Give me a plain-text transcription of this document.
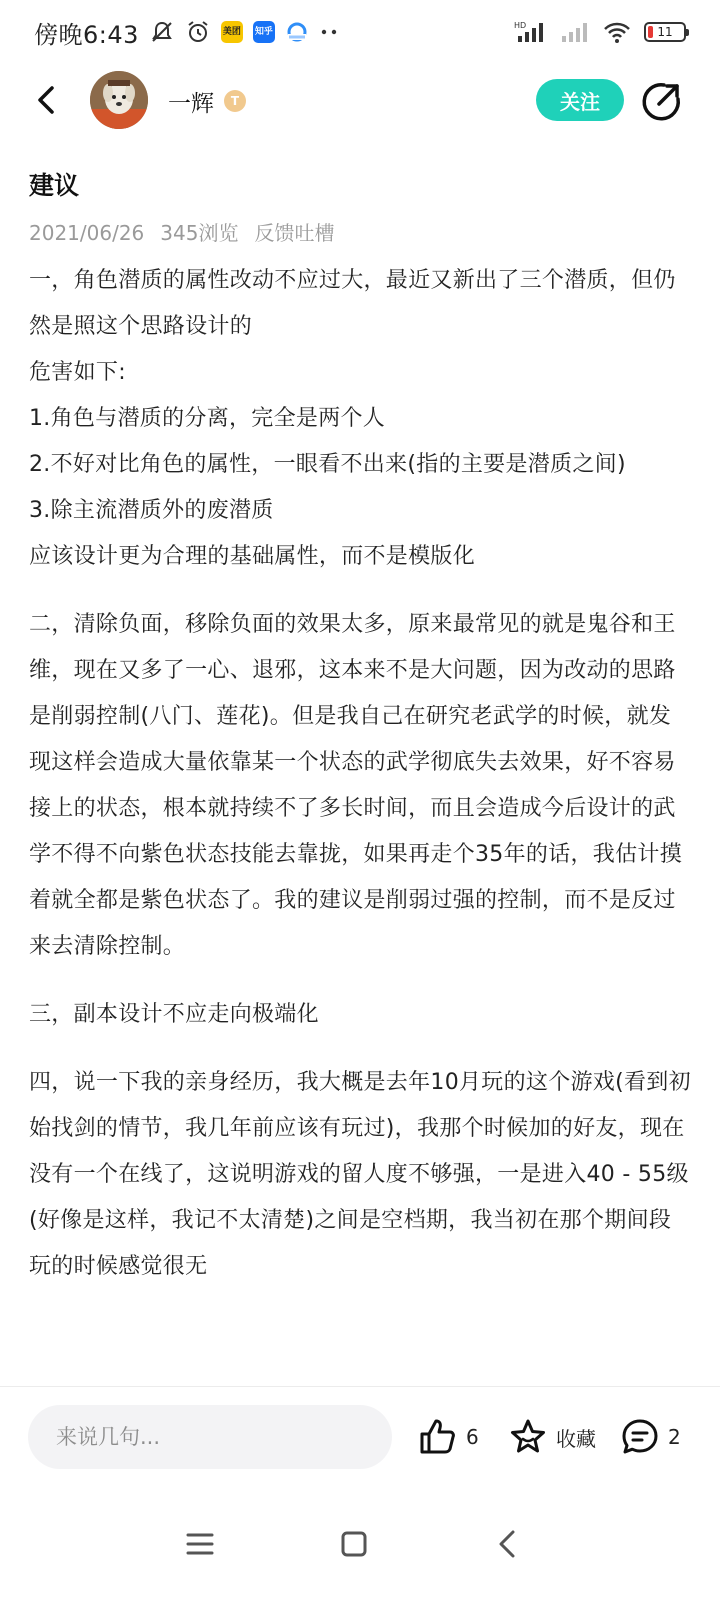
傍晚6:43	美团 知乎
HD	11
一辉	T	关注
建议
2021/06/26 345浏览 反馈吐槽

一，角色潜质的属性改动不应过大，最近又新出了三个潜质，但仍然是照这个思路设计的

危害如下:

1.角色与潜质的分离，完全是两个人

2.不好对比角色的属性，一眼看不出来(指的主要是潜质之间)

3.除主流潜质外的废潜质

应该设计更为合理的基础属性，而不是模版化

二，清除负面，移除负面的效果太多，原来最常见的就是鬼谷和王维，现在又多了一心、退邪，这本来不是大问题，因为改动的思路是削弱控制(八门、莲花)。但是我自己在研究老武学的时候，就发现这样会造成大量依靠某一个状态的武学彻底失去效果，好不容易接上的状态，根本就持续不了多长时间，而且会造成今后设计的武学不得不向紫色状态技能去靠拢，如果再走个35年的话，我估计摸着就全都是紫色状态了。我的建议是削弱过强的控制，而不是反过来去清除控制。

三，副本设计不应走向极端化

四，说一下我的亲身经历，我大概是去年10月玩的这个游戏(看到初始找剑的情节，我几年前应该有玩过)，我那个时候加的好友，现在没有一个在线了，这说明游戏的留人度不够强，一是进入40 - 55级(好像是这样，我记不太清楚)之间是空档期，我当初在那个期间段玩的时候感觉很无

来说几句...
6	收藏	2
